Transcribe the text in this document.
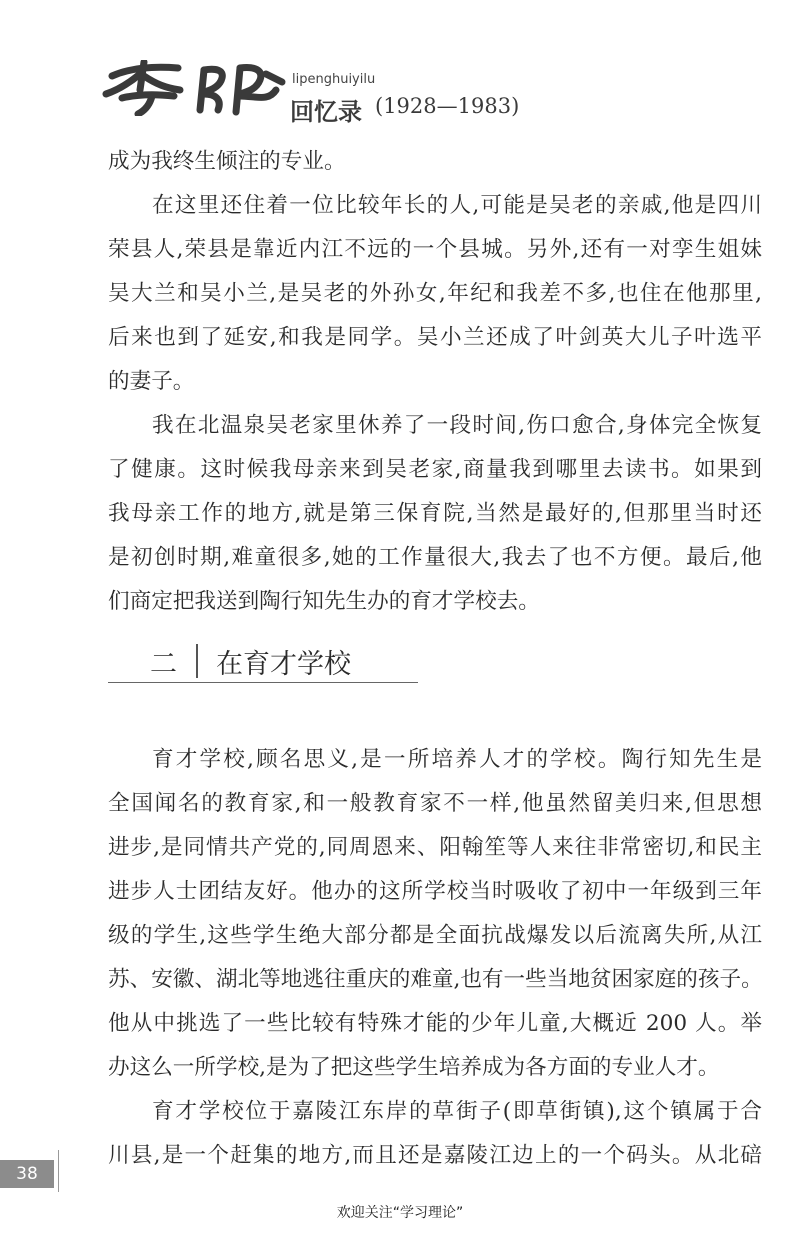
lipenghuiyilu
回忆录 (1928—1983)
成为我终生倾注的专业。
在这里还住着一位比较年长的人,可能是吴老的亲戚,他是四川
荣县人,荣县是靠近内江不远的一个县城。另外,还有一对孪生姐妹
吴大兰和吴小兰,是吴老的外孙女,年纪和我差不多,也住在他那里,
后来也到了延安,和我是同学。吴小兰还成了叶剑英大儿子叶选平
的妻子。
我在北温泉吴老家里休养了一段时间,伤口愈合,身体完全恢复
了健康。这时候我母亲来到吴老家,商量我到哪里去读书。如果到
我母亲工作的地方,就是第三保育院,当然是最好的,但那里当时还
是初创时期,难童很多,她的工作量很大,我去了也不方便。最后,他
们商定把我送到陶行知先生办的育才学校去。
二 在育才学校
育才学校,顾名思义,是一所培养人才的学校。陶行知先生是
全国闻名的教育家,和一般教育家不一样,他虽然留美归来,但思想
进步,是同情共产党的,同周恩来、阳翰笙等人来往非常密切,和民主
进步人士团结友好。他办的这所学校当时吸收了初中一年级到三年
级的学生,这些学生绝大部分都是全面抗战爆发以后流离失所,从江
苏、安徽、湖北等地逃往重庆的难童,也有一些当地贫困家庭的孩子。
他从中挑选了一些比较有特殊才能的少年儿童,大概近 200 人。举
办这么一所学校,是为了把这些学生培养成为各方面的专业人才。
育才学校位于嘉陵江东岸的草街子(即草街镇),这个镇属于合
川县,是一个赶集的地方,而且还是嘉陵江边上的一个码头。从北碚
38
欢迎关注“学习理论”
